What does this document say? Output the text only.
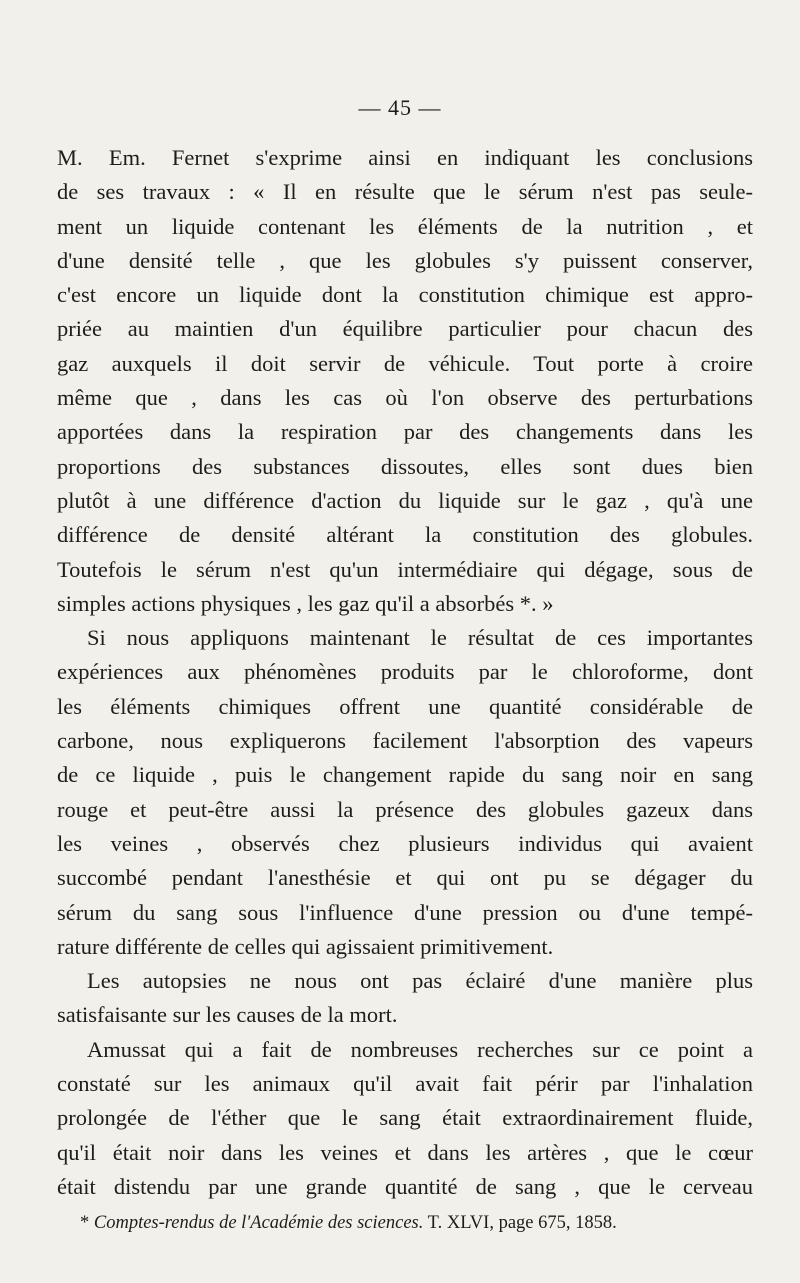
— 45 —
M. Em. Fernet s'exprime ainsi en indiquant les conclusions
de ses travaux : « Il en résulte que le sérum n'est pas seule-
ment un liquide contenant les éléments de la nutrition , et
d'une densité telle , que les globules s'y puissent conserver,
c'est encore un liquide dont la constitution chimique est appro-
priée au maintien d'un équilibre particulier pour chacun des
gaz auxquels il doit servir de véhicule. Tout porte à croire
même que , dans les cas où l'on observe des perturbations
apportées dans la respiration par des changements dans les
proportions des substances dissoutes, elles sont dues bien
plutôt à une différence d'action du liquide sur le gaz , qu'à une
différence de densité altérant la constitution des globules.
Toutefois le sérum n'est qu'un intermédiaire qui dégage, sous de
simples actions physiques , les gaz qu'il a absorbés *. »
Si nous appliquons maintenant le résultat de ces importantes
expériences aux phénomènes produits par le chloroforme, dont
les éléments chimiques offrent une quantité considérable de
carbone, nous expliquerons facilement l'absorption des vapeurs
de ce liquide , puis le changement rapide du sang noir en sang
rouge et peut-être aussi la présence des globules gazeux dans
les veines , observés chez plusieurs individus qui avaient
succombé pendant l'anesthésie et qui ont pu se dégager du
sérum du sang sous l'influence d'une pression ou d'une tempé-
rature différente de celles qui agissaient primitivement.
Les autopsies ne nous ont pas éclairé d'une manière plus
satisfaisante sur les causes de la mort.
Amussat qui a fait de nombreuses recherches sur ce point a
constaté sur les animaux qu'il avait fait périr par l'inhalation
prolongée de l'éther que le sang était extraordinairement fluide,
qu'il était noir dans les veines et dans les artères , que le cœur
était distendu par une grande quantité de sang , que le cerveau
* Comptes-rendus de l'Académie des sciences. T. XLVI, page 675, 1858.
